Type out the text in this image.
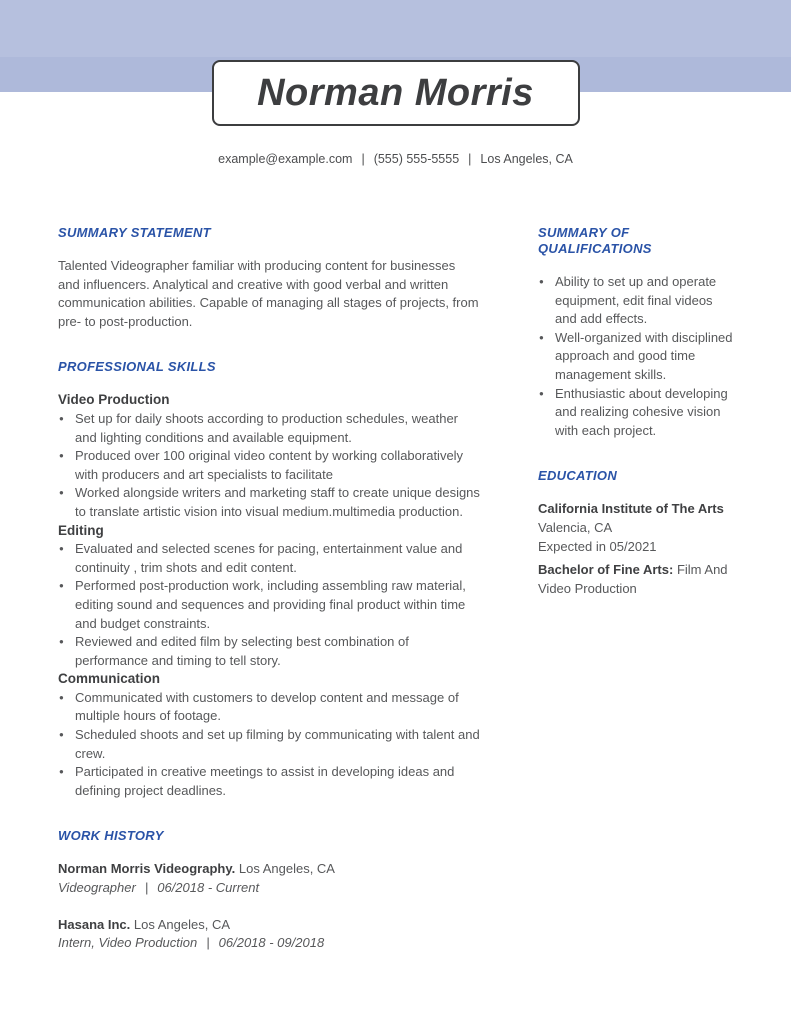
Norman Morris
example@example.com | (555) 555-5555 | Los Angeles, CA
SUMMARY STATEMENT

Talented Videographer familiar with producing content for businesses and influencers. Analytical and creative with good verbal and written communication abilities. Capable of managing all stages of projects, from pre- to post-production.

PROFESSIONAL SKILLS
Video Production
● Set up for daily shoots according to production schedules, weather and lighting conditions and available equipment.
● Produced over 100 original video content by working collaboratively with producers and art specialists to facilitate
● Worked alongside writers and marketing staff to create unique designs to translate artistic vision into visual medium.multimedia production.
Editing
● Evaluated and selected scenes for pacing, entertainment value and continuity , trim shots and edit content.
● Performed post-production work, including assembling raw material, editing sound and sequences and providing final product within time and budget constraints.
● Reviewed and edited film by selecting best combination of performance and timing to tell story.
Communication
● Communicated with customers to develop content and message of multiple hours of footage.
● Scheduled shoots and set up filming by communicating with talent and crew.
● Participated in creative meetings to assist in developing ideas and defining project deadlines.
WORK HISTORY

Norman Morris Videography. Los Angeles, CA

Videographer | 06/2018 - Current

Hasana Inc. Los Angeles, CA

Intern, Video Production | 06/2018 - 09/2018

SUMMARY OF QUALIFICATIONS
● Ability to set up and operate equipment, edit final videos and add effects.
● Well-organized with disciplined approach and good time management skills.
● Enthusiastic about developing and realizing cohesive vision with each project.
EDUCATION

California Institute of The Arts

Valencia, CA

Expected in 05/2021

Bachelor of Fine Arts: Film And Video Production
